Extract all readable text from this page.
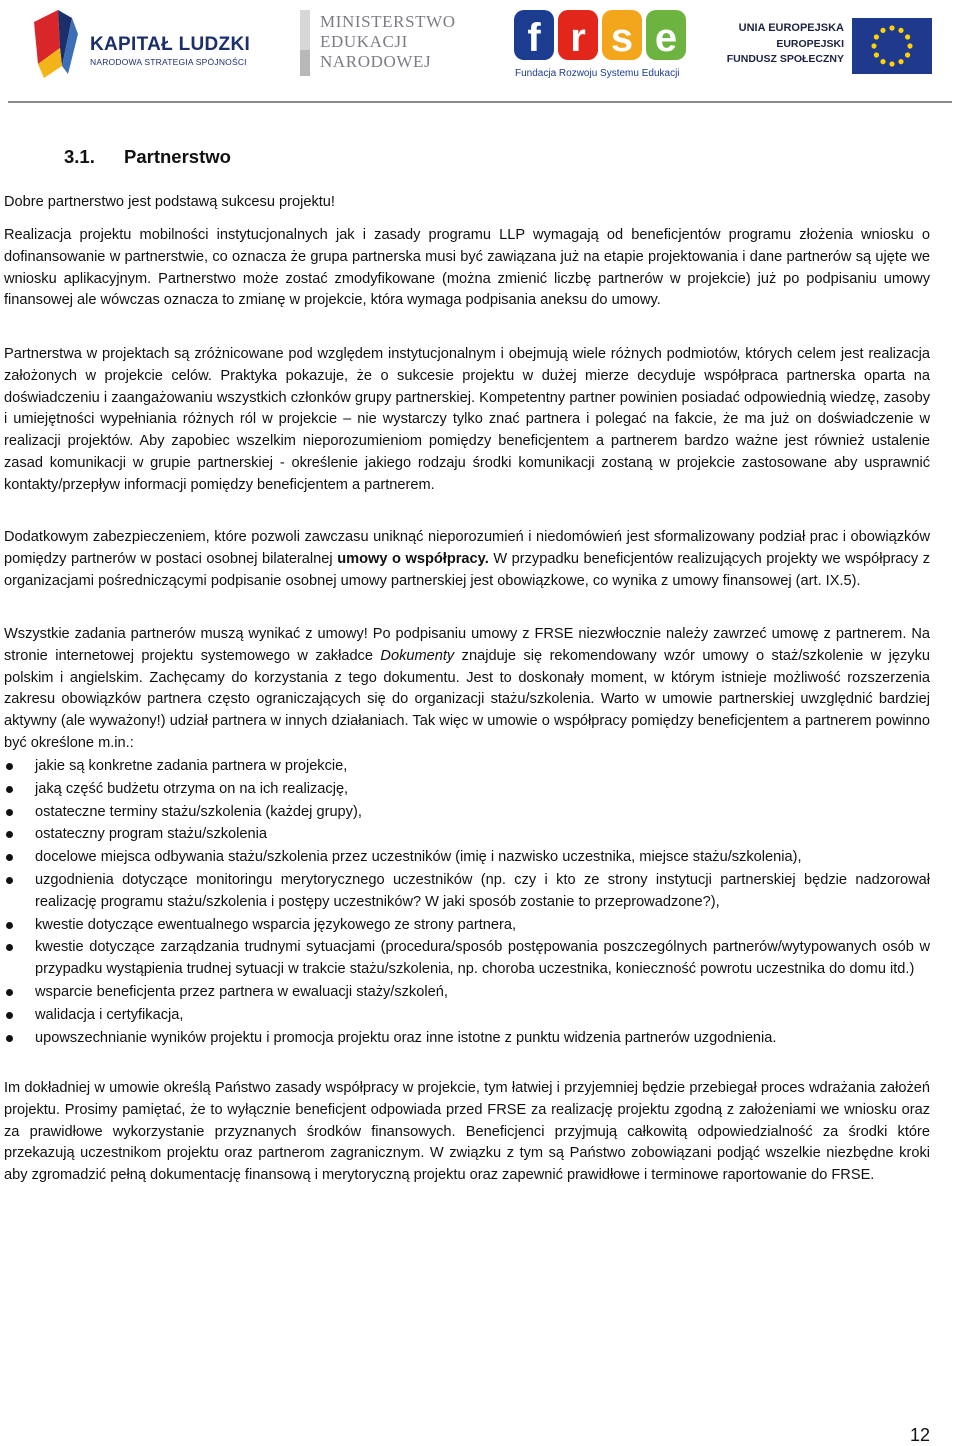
KAPITAŁ LUDZKI
NARODOWA STRATEGIA SPÓJNOŚCI
MINISTERSTWO
EDUKACJI
NARODOWEJ
f r s e
Fundacja Rozwoju Systemu Edukacji
UNIA EUROPEJSKA
EUROPEJSKI
FUNDUSZ SPOŁECZNY
3.1. Partnerstwo

Dobre partnerstwo jest podstawą sukcesu projektu!

Realizacja projektu mobilności instytucjonalnych jak i zasady programu LLP wymagają od beneficjentów programu złożenia wniosku o dofinansowanie w partnerstwie, co oznacza że grupa partnerska musi być zawiązana już na etapie projektowania i dane partnerów są ujęte we wniosku aplikacyjnym. Partnerstwo może zostać zmodyfikowane (można zmienić liczbę partnerów w projekcie) już po podpisaniu umowy finansowej ale wówczas oznacza to zmianę w projekcie, która wymaga podpisania aneksu do umowy.

Partnerstwa w projektach są zróżnicowane pod względem instytucjonalnym i obejmują wiele różnych podmiotów, których celem jest realizacja założonych w projekcie celów. Praktyka pokazuje, że o sukcesie projektu w dużej mierze decyduje współpraca partnerska oparta na doświadczeniu i zaangażowaniu wszystkich członków grupy partnerskiej. Kompetentny partner powinien posiadać odpowiednią wiedzę, zasoby i umiejętności wypełniania różnych ról w projekcie – nie wystarczy tylko znać partnera i polegać na fakcie, że ma już on doświadczenie w realizacji projektów. Aby zapobiec wszelkim nieporozumieniom pomiędzy beneficjentem a partnerem bardzo ważne jest również ustalenie zasad komunikacji w grupie partnerskiej - określenie jakiego rodzaju środki komunikacji zostaną w projekcie zastosowane aby usprawnić kontakty/przepływ informacji pomiędzy beneficjentem a partnerem.

Dodatkowym zabezpieczeniem, które pozwoli zawczasu uniknąć nieporozumień i niedomówień jest sformalizowany podział prac i obowiązków pomiędzy partnerów w postaci osobnej bilateralnej umowy o współpracy. W przypadku beneficjentów realizujących projekty we współpracy z organizacjami pośredniczącymi podpisanie osobnej umowy partnerskiej jest obowiązkowe, co wynika z umowy finansowej (art. IX.5).

Wszystkie zadania partnerów muszą wynikać z umowy! Po podpisaniu umowy z FRSE niezwłocznie należy zawrzeć umowę z partnerem. Na stronie internetowej projektu systemowego w zakładce Dokumenty znajduje się rekomendowany wzór umowy o staż/szkolenie w języku polskim i angielskim. Zachęcamy do korzystania z tego dokumentu. Jest to doskonały moment, w którym istnieje możliwość rozszerzenia zakresu obowiązków partnera często ograniczających się do organizacji stażu/szkolenia. Warto w umowie partnerskiej uwzględnić bardziej aktywny (ale wyważony!) udział partnera w innych działaniach. Tak więc w umowie o współpracy pomiędzy beneficjentem a partnerem powinno być określone m.in.:

jakie są konkretne zadania partnera w projekcie,
jaką część budżetu otrzyma on na ich realizację,
ostateczne terminy stażu/szkolenia (każdej grupy),
ostateczny program stażu/szkolenia
docelowe miejsca odbywania stażu/szkolenia przez uczestników (imię i nazwisko uczestnika, miejsce stażu/szkolenia),
uzgodnienia dotyczące monitoringu merytorycznego uczestników (np. czy i kto ze strony instytucji partnerskiej będzie nadzorował realizację programu stażu/szkolenia i postępy uczestników? W jaki sposób zostanie to przeprowadzone?),
kwestie dotyczące ewentualnego wsparcia językowego ze strony partnera,
kwestie dotyczące zarządzania trudnymi sytuacjami (procedura/sposób postępowania poszczególnych partnerów/wytypowanych osób w przypadku wystąpienia trudnej sytuacji w trakcie stażu/szkolenia, np. choroba uczestnika, konieczność powrotu uczestnika do domu itd.)
wsparcie beneficjenta przez partnera w ewaluacji staży/szkoleń,
walidacja i certyfikacja,
upowszechnianie wyników projektu i promocja projektu oraz inne istotne z punktu widzenia partnerów uzgodnienia.

Im dokładniej w umowie określą Państwo zasady współpracy w projekcie, tym łatwiej i przyjemniej będzie przebiegał proces wdrażania założeń projektu. Prosimy pamiętać, że to wyłącznie beneficjent odpowiada przed FRSE za realizację projektu zgodną z założeniami we wniosku oraz za prawidłowe wykorzystanie przyznanych środków finansowych. Beneficjenci przyjmują całkowitą odpowiedzialność za środki które przekazują uczestnikom projektu oraz partnerom zagranicznym. W związku z tym są Państwo zobowiązani podjąć wszelkie niezbędne kroki aby zgromadzić pełną dokumentację finansową i merytoryczną projektu oraz zapewnić prawidłowe i terminowe raportowanie do FRSE.

12
